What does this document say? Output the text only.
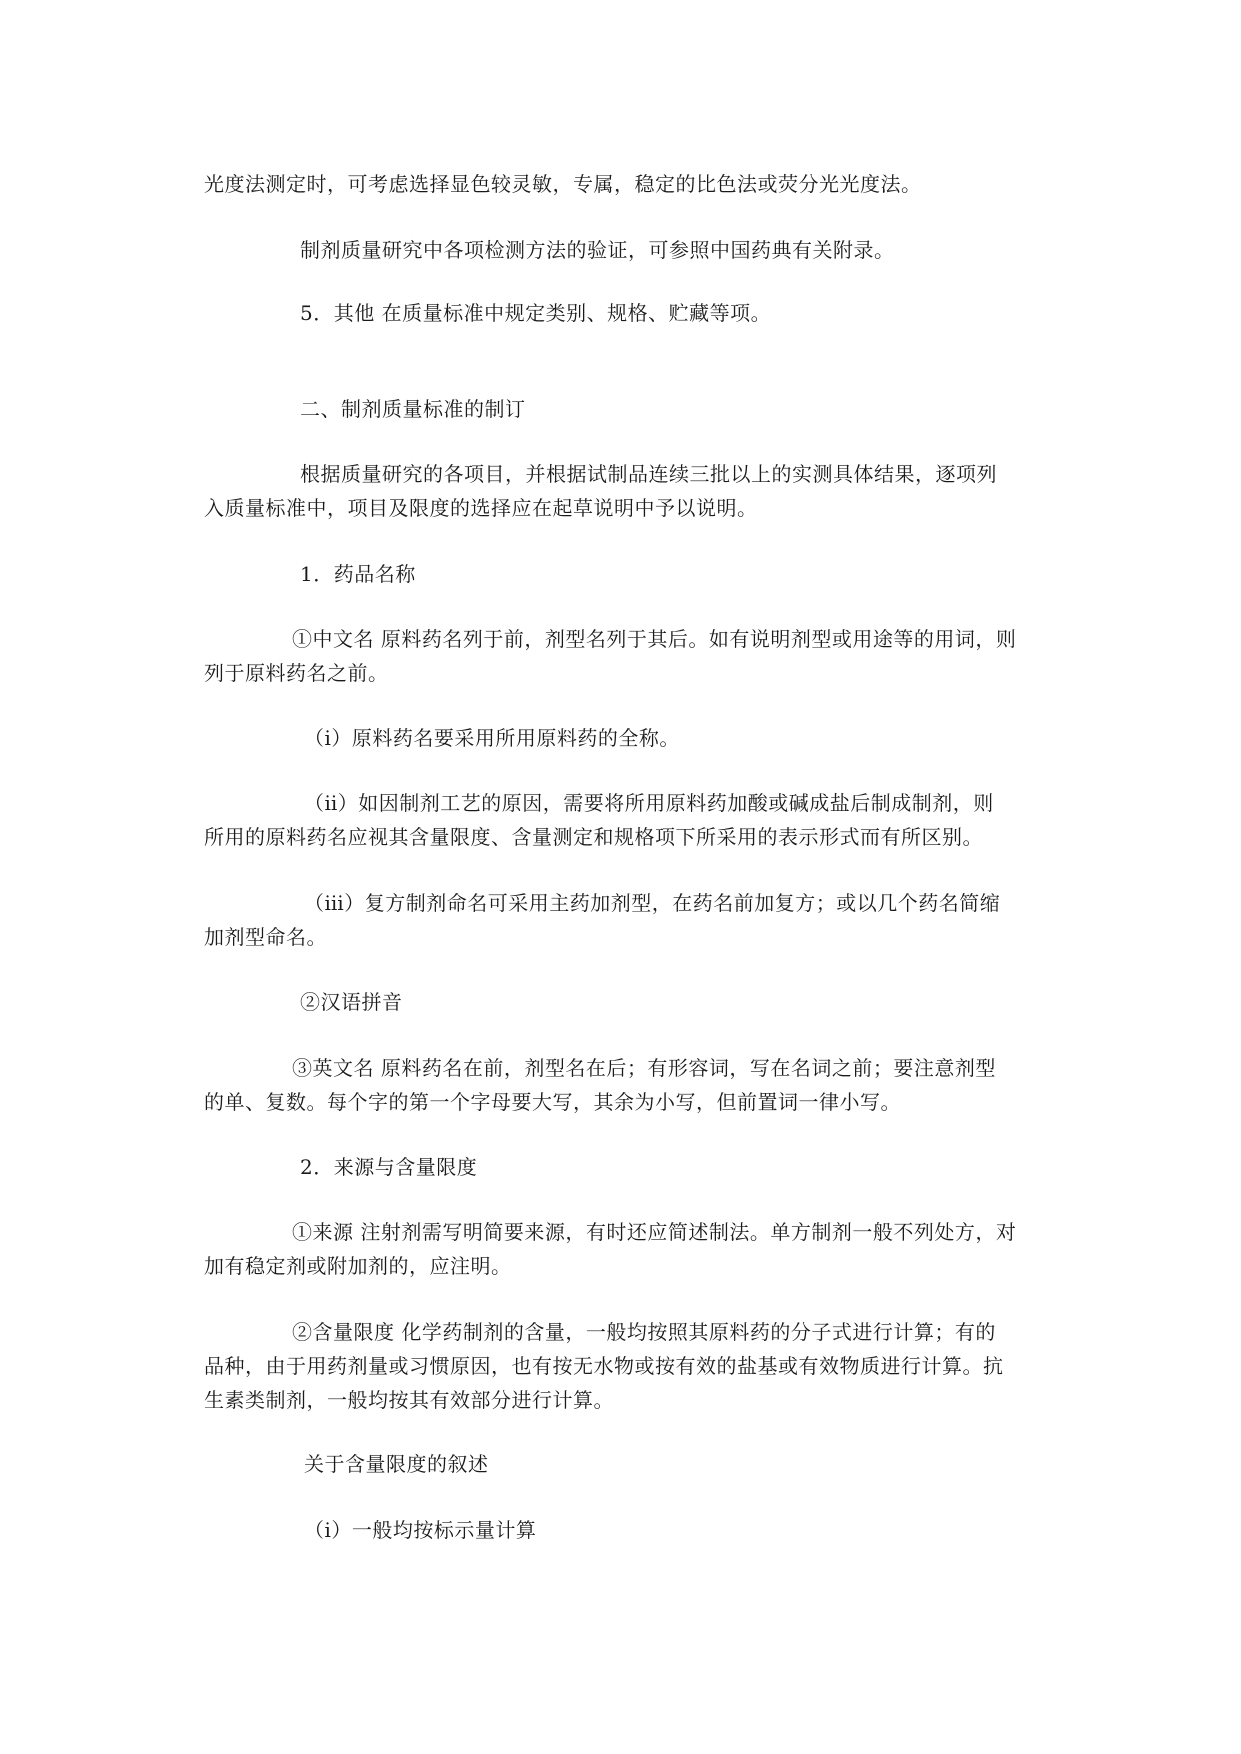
光度法测定时，可考虑选择显色较灵敏，专属，稳定的比色法或荧分光光度法。
制剂质量研究中各项检测方法的验证，可参照中国药典有关附录。
5．其他 在质量标准中规定类别、规格、贮藏等项。
二、制剂质量标准的制订
根据质量研究的各项目，并根据试制品连续三批以上的实测具体结果，逐项列
入质量标准中，项目及限度的选择应在起草说明中予以说明。
1．药品名称
①中文名 原料药名列于前，剂型名列于其后。如有说明剂型或用途等的用词，则
列于原料药名之前。
（ⅰ）原料药名要采用所用原料药的全称。
（ⅱ）如因制剂工艺的原因，需要将所用原料药加酸或碱成盐后制成制剂，则
所用的原料药名应视其含量限度、含量测定和规格项下所采用的表示形式而有所区别。
（ⅲ）复方制剂命名可采用主药加剂型，在药名前加复方；或以几个药名简缩
加剂型命名。
②汉语拼音
③英文名 原料药名在前，剂型名在后；有形容词，写在名词之前；要注意剂型
的单、复数。每个字的第一个字母要大写，其余为小写，但前置词一律小写。
2．来源与含量限度
①来源 注射剂需写明简要来源，有时还应简述制法。单方制剂一般不列处方，对
加有稳定剂或附加剂的，应注明。
②含量限度 化学药制剂的含量，一般均按照其原料药的分子式进行计算；有的
品种，由于用药剂量或习惯原因，也有按无水物或按有效的盐基或有效物质进行计算。抗
生素类制剂，一般均按其有效部分进行计算。
关于含量限度的叙述
（ⅰ）一般均按标示量计算
